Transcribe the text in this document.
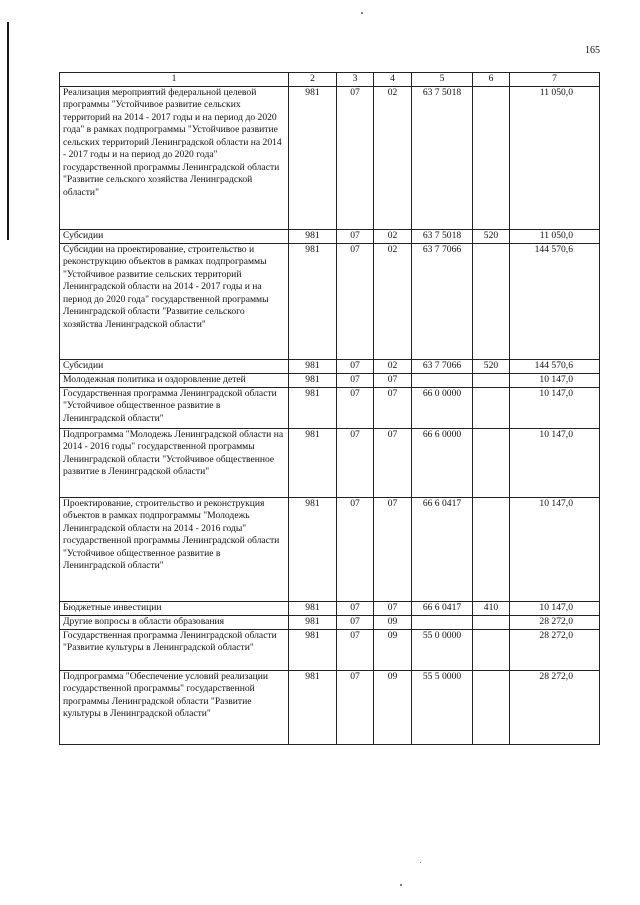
165
1	2	3	4	5	6	7
Реализация мероприятий федеральной целевой программы "Устойчивое развитие сельских территорий на 2014 - 2017 годы и на период до 2020 года" в рамках подпрограммы "Устойчивое развитие сельских территорий Ленинградской области на 2014 - 2017 годы и на период до 2020 года" государственной программы Ленинградской области "Развитие сельского хозяйства Ленинградской области"	981	07	02	63 7 5018		11 050,0
Субсидии	981	07	02	63 7 5018	520	11 050,0
Субсидии на проектирование, строительство и реконструкцию объектов в рамках подпрограммы "Устойчивое развитие сельских территорий Ленинградской области на 2014 - 2017 годы и на период до 2020 года" государственной программы Ленинградской области "Развитие сельского хозяйства Ленинградской области"	981	07	02	63 7 7066		144 570,6
Субсидии	981	07	02	63 7 7066	520	144 570,6
Молодежная политика и оздоровление детей	981	07	07			10 147,0
Государственная программа Ленинградской области "Устойчивое общественное развитие в Ленинградской области"	981	07	07	66 0 0000		10 147,0
Подпрограмма "Молодежь Ленинградской области на 2014 - 2016 годы" государственной программы Ленинградской области "Устойчивое общественное развитие в Ленинградской области"	981	07	07	66 6 0000		10 147,0
Проектирование, строительство и реконструкция объектов в рамках подпрограммы "Молодежь Ленинградской области на 2014 - 2016 годы" государственной программы Ленинградской области "Устойчивое общественное развитие в Ленинградской области"	981	07	07	66 6 0417		10 147,0
Бюджетные инвестиции	981	07	07	66 6 0417	410	10 147,0
Другие вопросы в области образования	981	07	09			28 272,0
Государственная программа Ленинградской области "Развитие культуры в Ленинградской области"	981	07	09	55 0 0000		28 272,0
Подпрограмма "Обеспечение условий реализации государственной программы" государственной программы Ленинградской области "Развитие культуры в Ленинградской области"	981	07	09	55 5 0000		28 272,0
